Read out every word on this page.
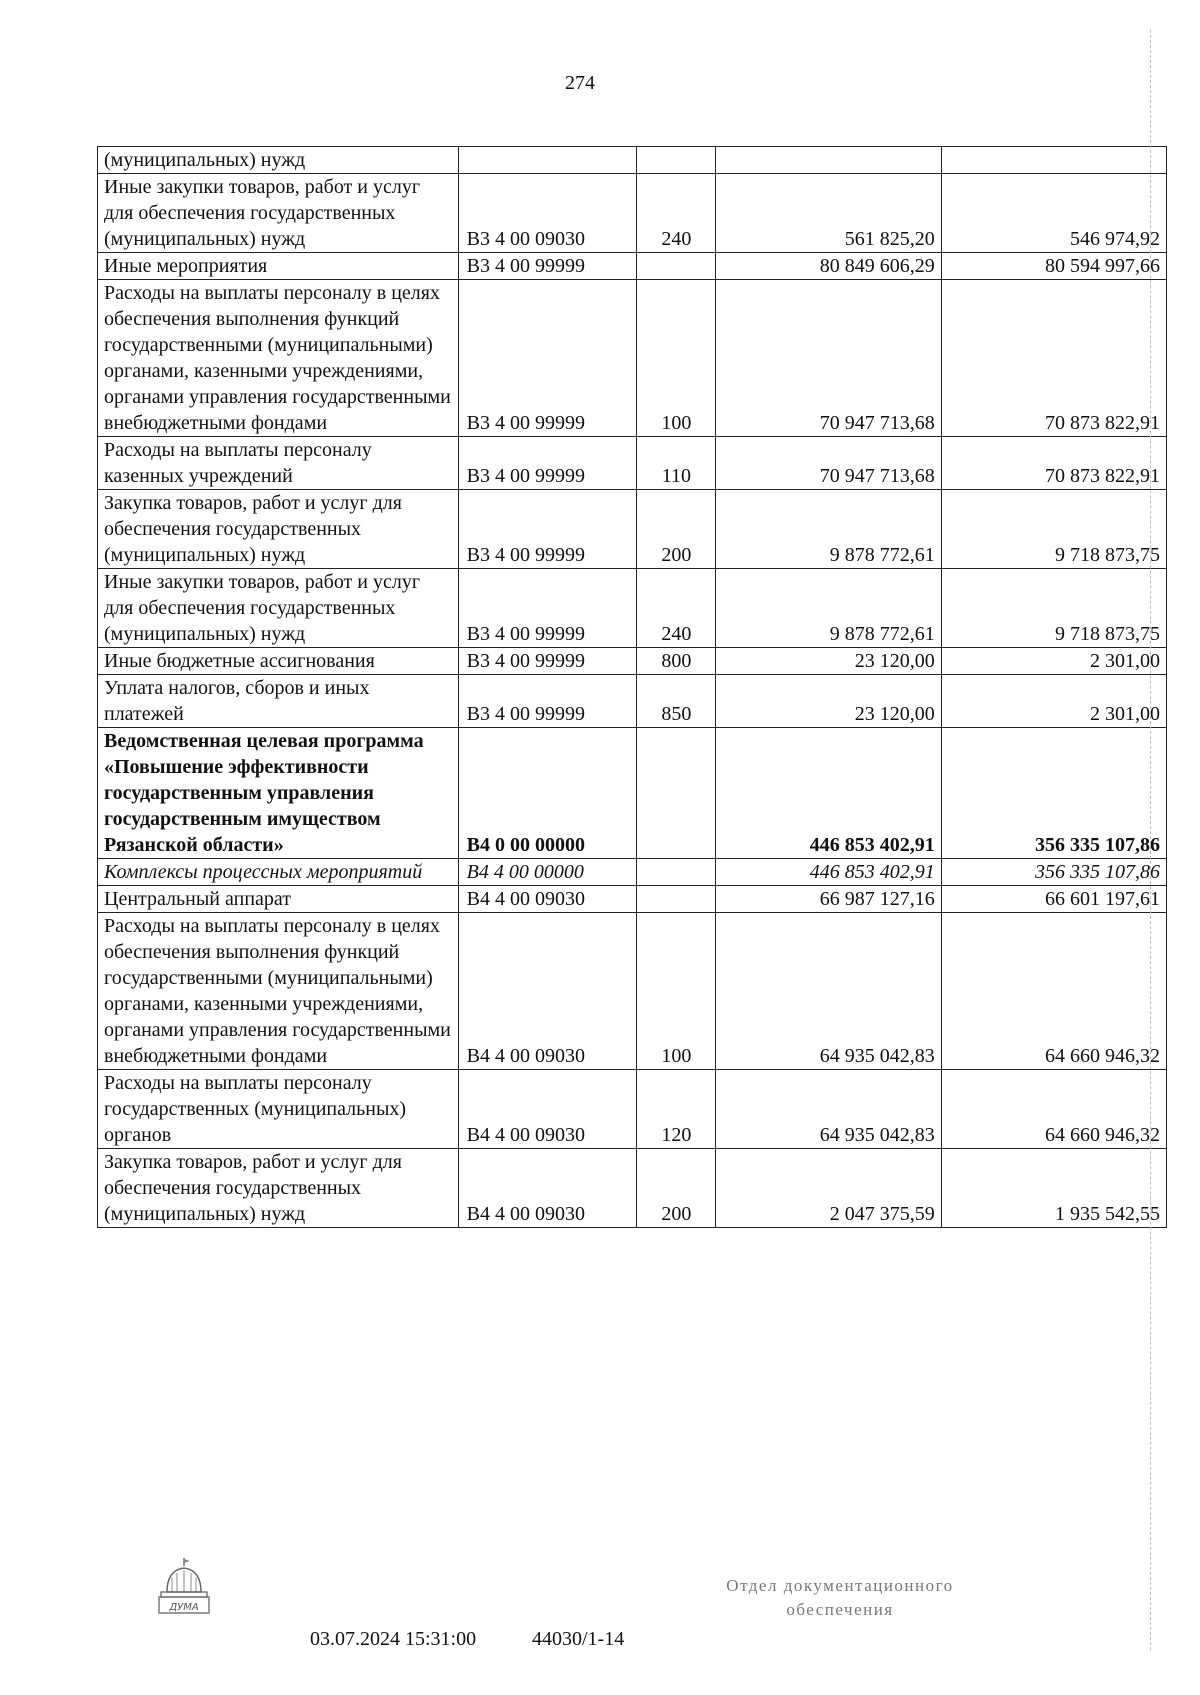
274
(муниципальных) нужд				
Иные закупки товаров, работ и услуг для обеспечения государственных (муниципальных) нужд	В3 4 00 09030	240	561 825,20	546 974,92
Иные мероприятия	В3 4 00 99999		80 849 606,29	80 594 997,66
Расходы на выплаты персоналу в целях обеспечения выполнения функций государственными (муниципальными) органами, казенными учреждениями, органами управления государственными внебюджетными фондами	В3 4 00 99999	100	70 947 713,68	70 873 822,91
Расходы на выплаты персоналу казенных учреждений	В3 4 00 99999	110	70 947 713,68	70 873 822,91
Закупка товаров, работ и услуг для обеспечения государственных (муниципальных) нужд	В3 4 00 99999	200	9 878 772,61	9 718 873,75
Иные закупки товаров, работ и услуг для обеспечения государственных (муниципальных) нужд	В3 4 00 99999	240	9 878 772,61	9 718 873,75
Иные бюджетные ассигнования	В3 4 00 99999	800	23 120,00	2 301,00
Уплата налогов, сборов и иных платежей	В3 4 00 99999	850	23 120,00	2 301,00
Ведомственная целевая программа «Повышение эффективности государственным управления государственным имуществом Рязанской области»	В4 0 00 00000		446 853 402,91	356 335 107,86
Комплексы процессных мероприятий	В4 4 00 00000		446 853 402,91	356 335 107,86
Центральный аппарат	В4 4 00 09030		66 987 127,16	66 601 197,61
Расходы на выплаты персоналу в целях обеспечения выполнения функций государственными (муниципальными) органами, казенными учреждениями, органами управления государственными внебюджетными фондами	В4 4 00 09030	100	64 935 042,83	64 660 946,32
Расходы на выплаты персоналу государственных (муниципальных) органов	В4 4 00 09030	120	64 935 042,83	64 660 946,32
Закупка товаров, работ и услуг для обеспечения государственных (муниципальных) нужд	В4 4 00 09030	200	2 047 375,59	1 935 542,55
ДУМА
03.07.2024 15:31:00	44030/1-14
Отдел документационного
обеспечения
